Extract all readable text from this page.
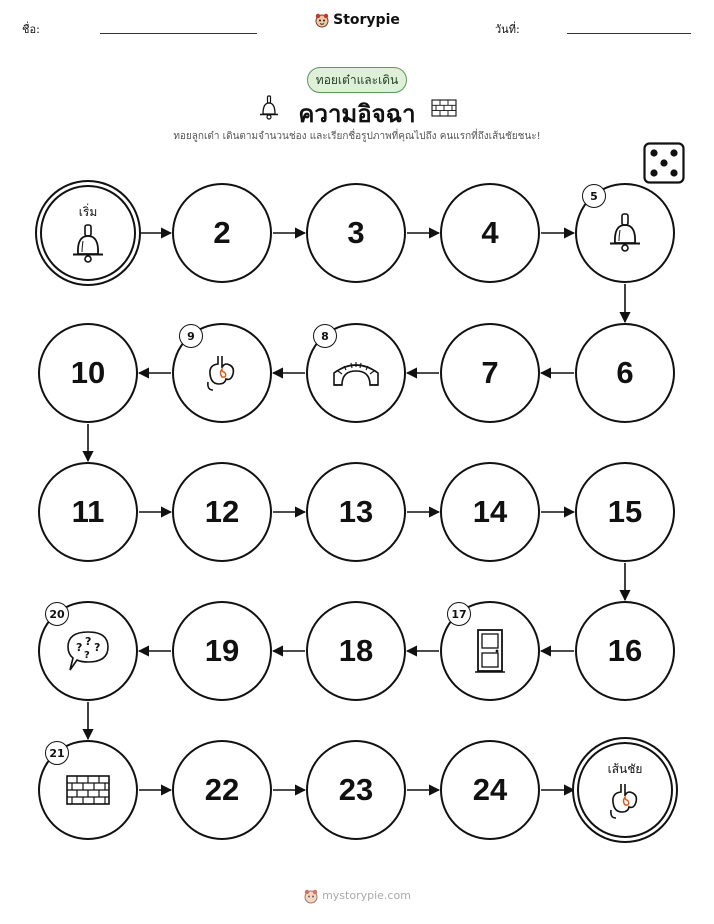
ชื่อ:
Storypie
วันที่:
ทอยเต๋าและเดิน
ความอิจฉา
ทอยลูกเต๋า เดินตามจำนวนช่อง และเรียกชื่อรูปภาพที่คุณไปถึง คนแรกที่ถึงเส้นชัยชนะ!
เริ่ม
2	3	4
5
6
7
8
9
10
11	12	13	14	15
16
17
18
19
20
? ? ?
?
21
22	23	24
เส้นชัย
mystorypie.com
